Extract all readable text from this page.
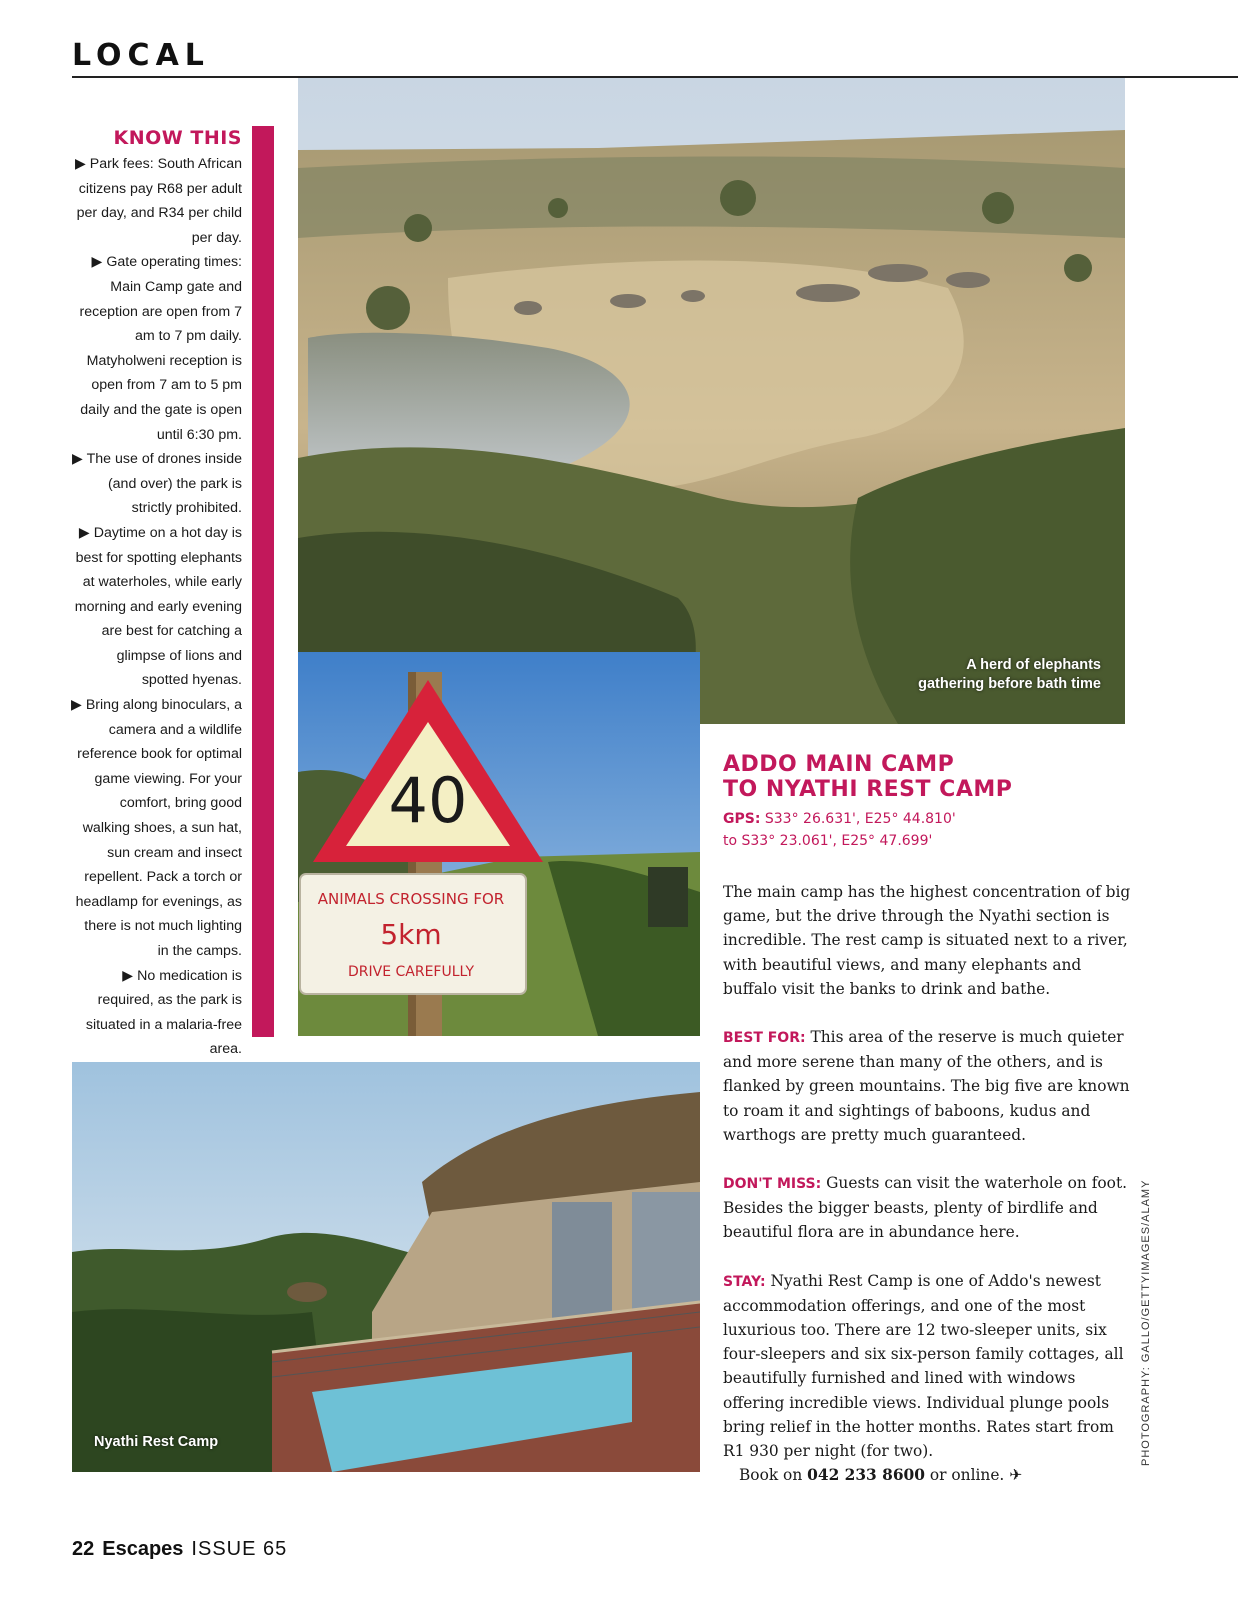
LOCAL
KNOW THIS

▶ Park fees: South African citizens pay R68 per adult per day, and R34 per child per day.

▶ Gate operating times: Main Camp gate and reception are open from 7 am to 7 pm daily. Matyholweni reception is open from 7 am to 5 pm daily and the gate is open until 6:30 pm.

▶ The use of drones inside (and over) the park is strictly prohibited.

▶ Daytime on a hot day is best for spotting elephants at waterholes, while early morning and early evening are best for catching a glimpse of lions and spotted hyenas.

▶ Bring along binoculars, a camera and a wildlife reference book for optimal game viewing. For your comfort, bring good walking shoes, a sun hat, sun cream and insect repellent. Pack a torch or headlamp for evenings, as there is not much lighting in the camps.

▶ No medication is required, as the park is situated in a malaria-free area.

A herd of elephants
gathering before bath time
40
ANIMALS CROSSING FOR
5km
DRIVE CAREFULLY
Nyathi Rest Camp
ADDO MAIN CAMP
TO NYATHI REST CAMP
GPS: S33° 26.631', E25° 44.810'
to S33° 23.061', E25° 47.699'

The main camp has the highest concentration of big game, but the drive through the Nyathi section is incredible. The rest camp is situated next to a river, with beautiful views, and many elephants and buffalo visit the banks to drink and bathe.

BEST FOR: This area of the reserve is much quieter and more serene than many of the others, and is flanked by green mountains. The big five are known to roam it and sightings of baboons, kudus and warthogs are pretty much guaranteed.

DON'T MISS: Guests can visit the waterhole on foot. Besides the bigger beasts, plenty of birdlife and beautiful flora are in abundance here.

STAY: Nyathi Rest Camp is one of Addo's newest accommodation offerings, and one of the most luxurious too. There are 12 two-sleeper units, six four-sleepers and six six-person family cottages, all beautifully furnished and lined with windows offering incredible views. Individual plunge pools bring relief in the hotter months. Rates start from R1 930 per night (for two).

Book on 042 233 8600 or online. ✈
PHOTOGRAPHY: GALLO/GETTYIMAGES/ALAMY
22 Escapes ISSUE 65
